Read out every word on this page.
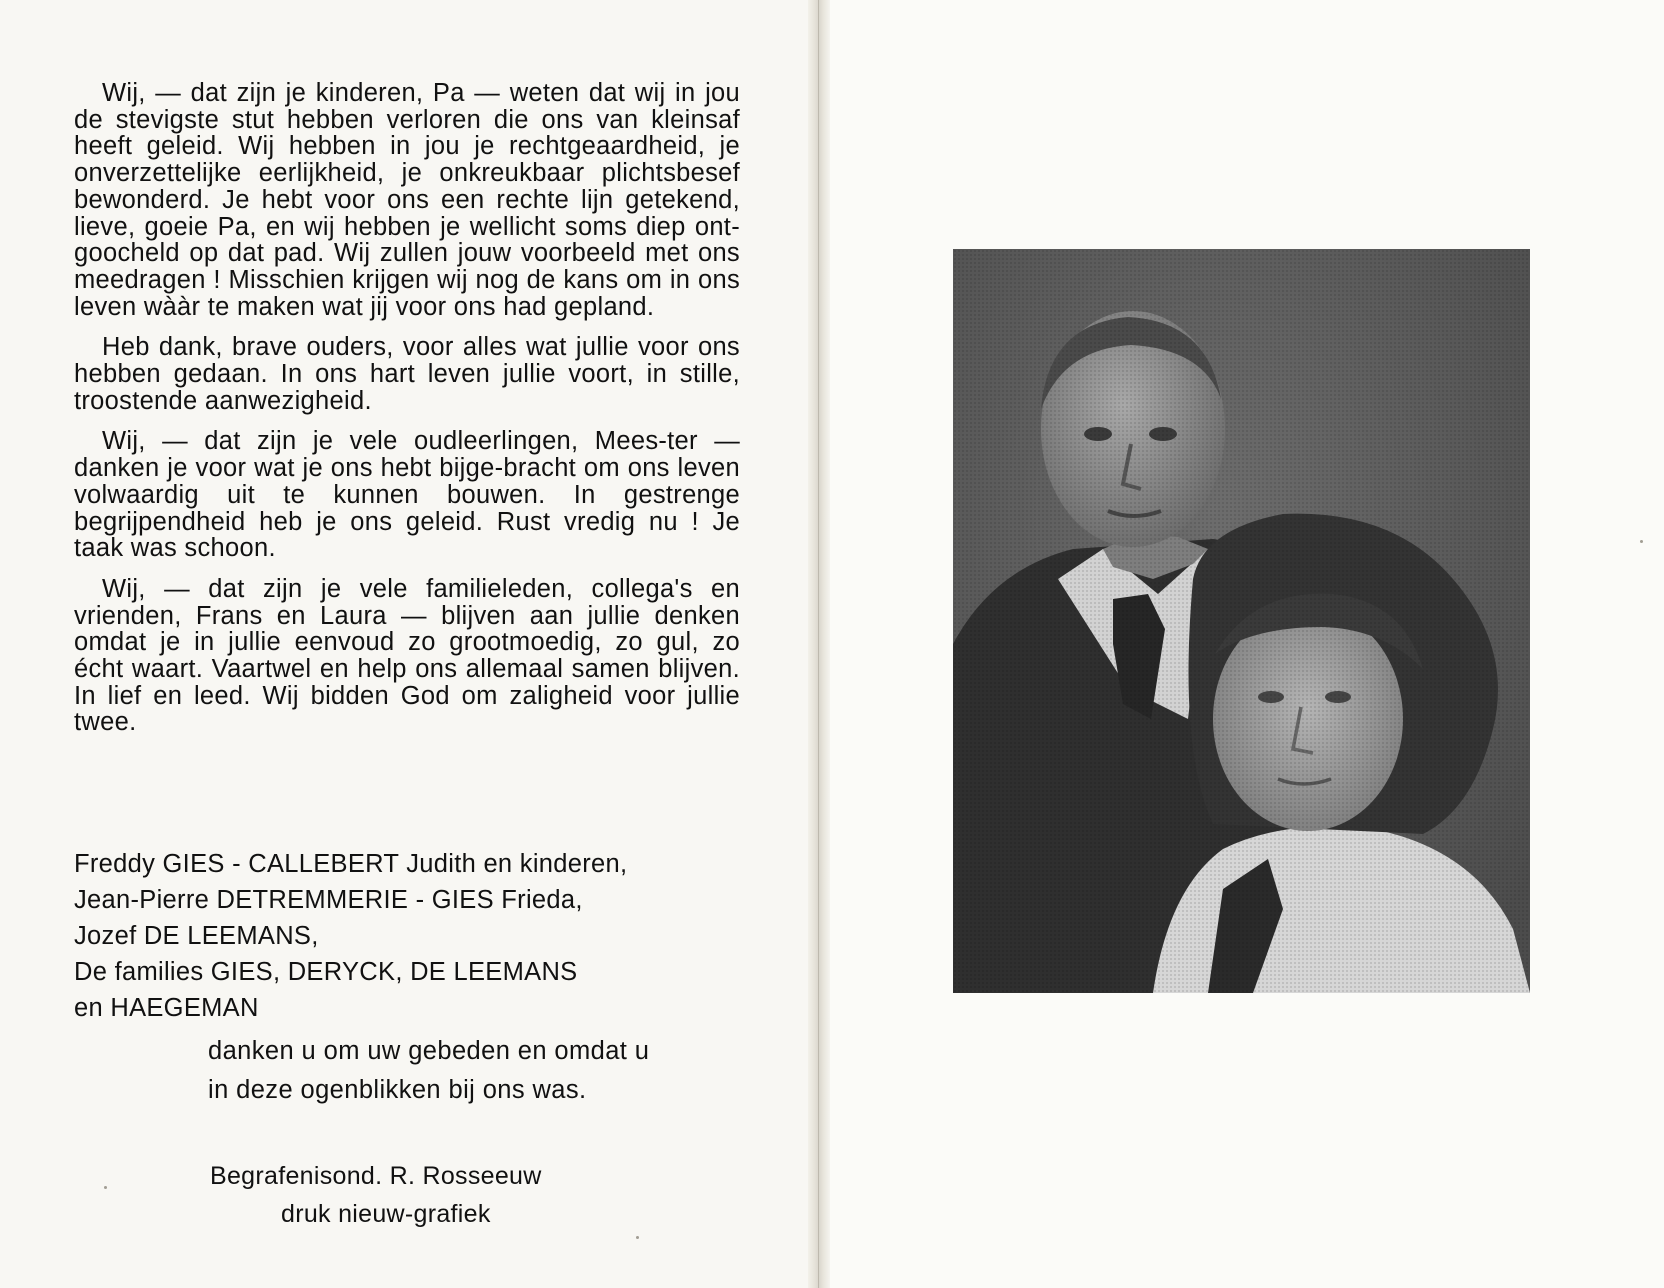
Wij, — dat zijn je kinderen, Pa — weten dat wij in jou de stevigste stut hebben verloren die ons van kleinsaf heeft geleid. Wij hebben in jou je rechtgeaardheid, je onverzettelijke eerlijkheid, je onkreukbaar plichtsbesef bewonderd. Je hebt voor ons een rechte lijn getekend, lieve, goeie Pa, en wij hebben je wellicht soms diep ont-goocheld op dat pad. Wij zullen jouw voorbeeld met ons meedragen ! Misschien krijgen wij nog de kans om in ons leven wààr te maken wat jij voor ons had gepland.

Heb dank, brave ouders, voor alles wat jullie voor ons hebben gedaan. In ons hart leven jullie voort, in stille, troostende aanwezigheid.

Wij, — dat zijn je vele oudleerlingen, Mees-ter — danken je voor wat je ons hebt bijge-bracht om ons leven volwaardig uit te kunnen bouwen. In gestrenge begrijpendheid heb je ons geleid. Rust vredig nu ! Je taak was schoon.

Wij, — dat zijn je vele familieleden, collega's en vrienden, Frans en Laura — blijven aan jullie denken omdat je in jullie eenvoud zo grootmoedig, zo gul, zo écht waart. Vaartwel en help ons allemaal samen blijven. In lief en leed. Wij bidden God om zaligheid voor jullie twee.

Freddy GIES - CALLEBERT Judith en kinderen,
Jean-Pierre DETREMMERIE - GIES Frieda,
Jozef DE LEEMANS,
De families GIES, DERYCK, DE LEEMANS
en HAEGEMAN
danken u om uw gebeden en omdat u
in deze ogenblikken bij ons was.
Begrafenisond. R. Rosseeuw
druk nieuw-grafiek
